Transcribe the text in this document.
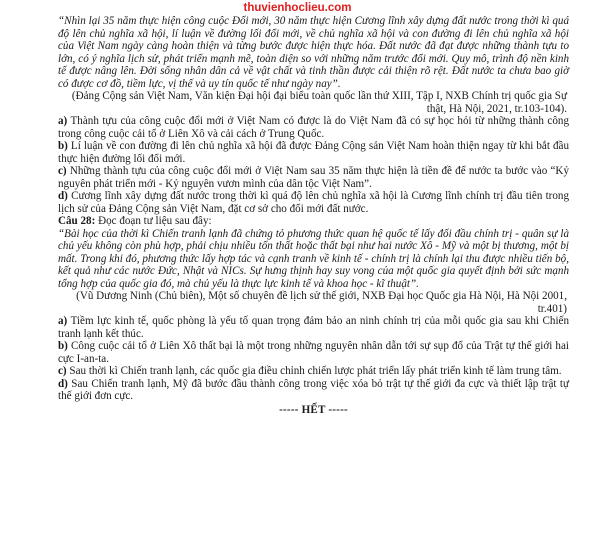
thuvienhoclieu.com
“Nhìn lại 35 năm thực hiện công cuộc Đổi mới, 30 năm thực hiện Cương lĩnh xây dựng đất nước trong thời kì quá độ lên chủ nghĩa xã hội, lí luận về đường lối đổi mới, về chủ nghĩa xã hội và con đường đi lên chủ nghĩa xã hội của Việt Nam ngày càng hoàn thiện và từng bước được hiện thực hóa. Đất nước đã đạt được những thành tựu to lớn, có ý nghĩa lịch sử, phát triển mạnh mẽ, toàn diện so với những năm trước đổi mới. Quy mô, trình độ nền kinh tế được nâng lên. Đời sống nhân dân cả về vật chất và tinh thần được cải thiện rõ rệt. Đất nước ta chưa bao giờ có được cơ đồ, tiềm lực, vị thế và uy tín quốc tế như ngày nay”.
(Đảng Cộng sản Việt Nam, Văn kiện Đại hội đại biểu toàn quốc lần thứ XIII, Tập I, NXB Chính trị quốc gia Sự thật, Hà Nội, 2021, tr.103-104).
a) Thành tựu của công cuộc đổi mới ở Việt Nam có được là do Việt Nam đã có sự học hỏi từ những thành công trong công cuộc cải tổ ở Liên Xô và cải cách ở Trung Quốc.
b) Lí luận về con đường đi lên chủ nghĩa xã hội đã được Đảng Cộng sản Việt Nam hoàn thiện ngay từ khi bắt đầu thực hiện đường lối đổi mới.
c) Những thành tựu của công cuộc đổi mới ở Việt Nam sau 35 năm thực hiện là tiền đề để nước ta bước vào “Kỷ nguyên phát triển mới - Kỷ nguyên vươn mình của dân tộc Việt Nam”.
d) Cương lĩnh xây dựng đất nước trong thời kì quá độ lên chủ nghĩa xã hội là Cương lĩnh chính trị đầu tiên trong lịch sử của Đảng Cộng sản Việt Nam, đặt cơ sở cho đổi mới đất nước.
Câu 28: Đọc đoạn tư liệu sau đây:
“Bài học của thời kì Chiến tranh lạnh đã chứng tỏ phương thức quan hệ quốc tế lấy đối đầu chính trị - quân sự là chủ yếu không còn phù hợp, phải chịu nhiều tổn thất hoặc thất bại như hai nước Xô - Mỹ và một bị thương, một bị mất. Trong khi đó, phương thức lấy hợp tác và cạnh tranh về kinh tế - chính trị là chính lại thu được nhiều tiến bộ, kết quả như các nước Đức, Nhật và NICs. Sự hưng thịnh hay suy vong của một quốc gia quyết định bởi sức mạnh tổng hợp của quốc gia đó, mà chủ yếu là thực lực kinh tế và khoa học - kĩ thuật”.
(Vũ Dương Ninh (Chủ biên), Một số chuyên đề lịch sử thế giới, NXB Đại học Quốc gia Hà Nội, Hà Nội 2001, tr.401)
a) Tiềm lực kinh tế, quốc phòng là yếu tố quan trọng đảm bảo an ninh chính trị của mỗi quốc gia sau khi Chiến tranh lạnh kết thúc.
b) Công cuộc cải tổ ở Liên Xô thất bại là một trong những nguyên nhân dẫn tới sự sụp đổ của Trật tự thế giới hai cực I-an-ta.
c) Sau thời kì Chiến tranh lạnh, các quốc gia điều chỉnh chiến lược phát triển lấy phát triển kinh tế làm trung tâm.
d) Sau Chiến tranh lạnh, Mỹ đã bước đầu thành công trong việc xóa bỏ trật tự thế giới đa cực và thiết lập trật tự thế giới đơn cực.
----- HẾT -----
